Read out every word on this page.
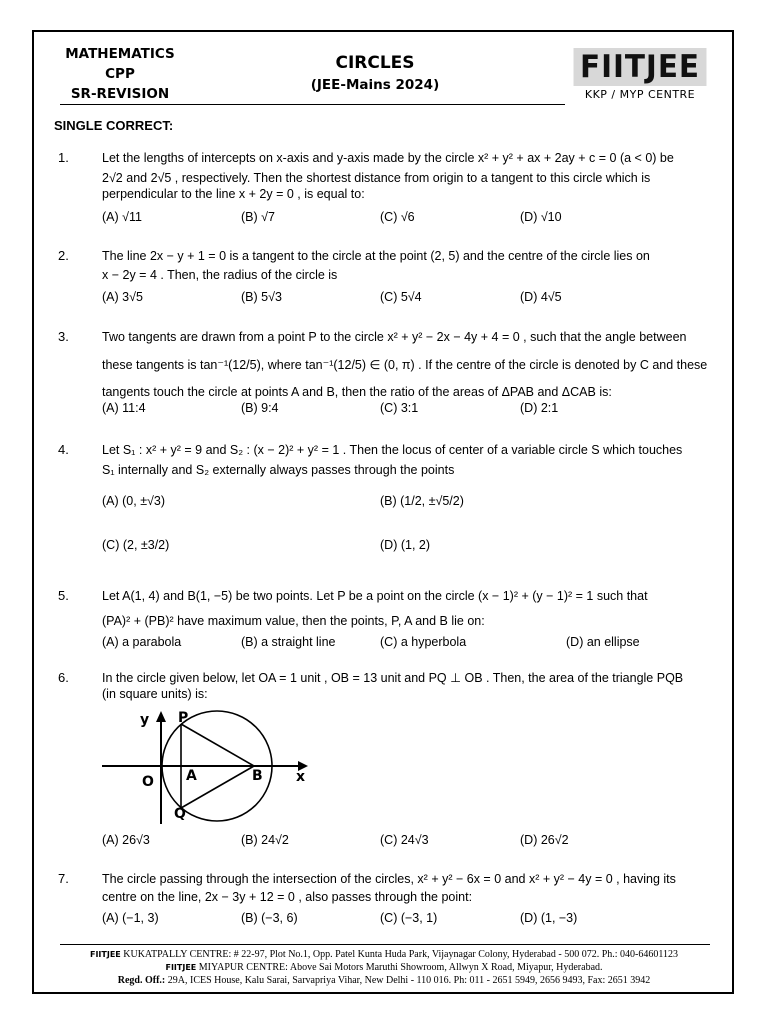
MATHEMATICS
CPP
SR-REVISION
CIRCLES
(JEE-Mains 2024)	FIITJEE
KKP / MYP CENTRE
SINGLE CORRECT:
1.	Let the lengths of intercepts on x-axis and y-axis made by the circle x² + y² + ax + 2ay + c = 0 (a < 0) be
2√2 and 2√5 , respectively. Then the shortest distance from origin to a tangent to this circle which is
perpendicular to the line x + 2y = 0 , is equal to:
(A) √11	(B) √7	(C) √6	(D) √10
2.	The line 2x − y + 1 = 0 is a tangent to the circle at the point (2, 5) and the centre of the circle lies on
x − 2y = 4 . Then, the radius of the circle is
(A) 3√5	(B) 5√3	(C) 5√4	(D) 4√5
3.	Two tangents are drawn from a point P to the circle x² + y² − 2x − 4y + 4 = 0 , such that the angle between
these tangents is tan⁻¹(12/5), where tan⁻¹(12/5) ∈ (0, π) . If the centre of the circle is denoted by C and these
tangents touch the circle at points A and B, then the ratio of the areas of ΔPAB and ΔCAB is:
(A) 11:4	(B) 9:4	(C) 3:1	(D) 2:1
4.	Let S₁ : x² + y² = 9 and S₂ : (x − 2)² + y² = 1 . Then the locus of center of a variable circle S which touches
S₁ internally and S₂ externally always passes through the points
(A) (0, ±√3)	(B) (1/2, ±√5/2)
(C) (2, ±3/2)	(D) (1, 2)
5.	Let A(1, 4) and B(1, −5) be two points. Let P be a point on the circle (x − 1)² + (y − 1)² = 1 such that
(PA)² + (PB)² have maximum value, then the points, P, A and B lie on:
(A) a parabola	(B) a straight line	(C) a hyperbola	(D) an ellipse
6.	In the circle given below, let OA = 1 unit , OB = 13 unit and PQ ⊥ OB . Then, the area of the triangle PQB
(in square units) is:
y P
O A	B x
Q
(A) 26√3	(B) 24√2	(C) 24√3	(D) 26√2
7.	The circle passing through the intersection of the circles, x² + y² − 6x = 0 and x² + y² − 4y = 0 , having its
centre on the line, 2x − 3y + 12 = 0 , also passes through the point:
(A) (−1, 3)	(B) (−3, 6)	(C) (−3, 1)	(D) (1, −3)
FIITJEE KUKATPALLY CENTRE: # 22-97, Plot No.1, Opp. Patel Kunta Huda Park, Vijaynagar Colony, Hyderabad - 500 072. Ph.: 040-64601123
FIITJEE MIYAPUR CENTRE: Above Sai Motors Maruthi Showroom, Allwyn X Road, Miyapur, Hyderabad.
Regd. Off.: 29A, ICES House, Kalu Sarai, Sarvapriya Vihar, New Delhi - 110 016. Ph: 011 - 2651 5949, 2656 9493, Fax: 2651 3942
